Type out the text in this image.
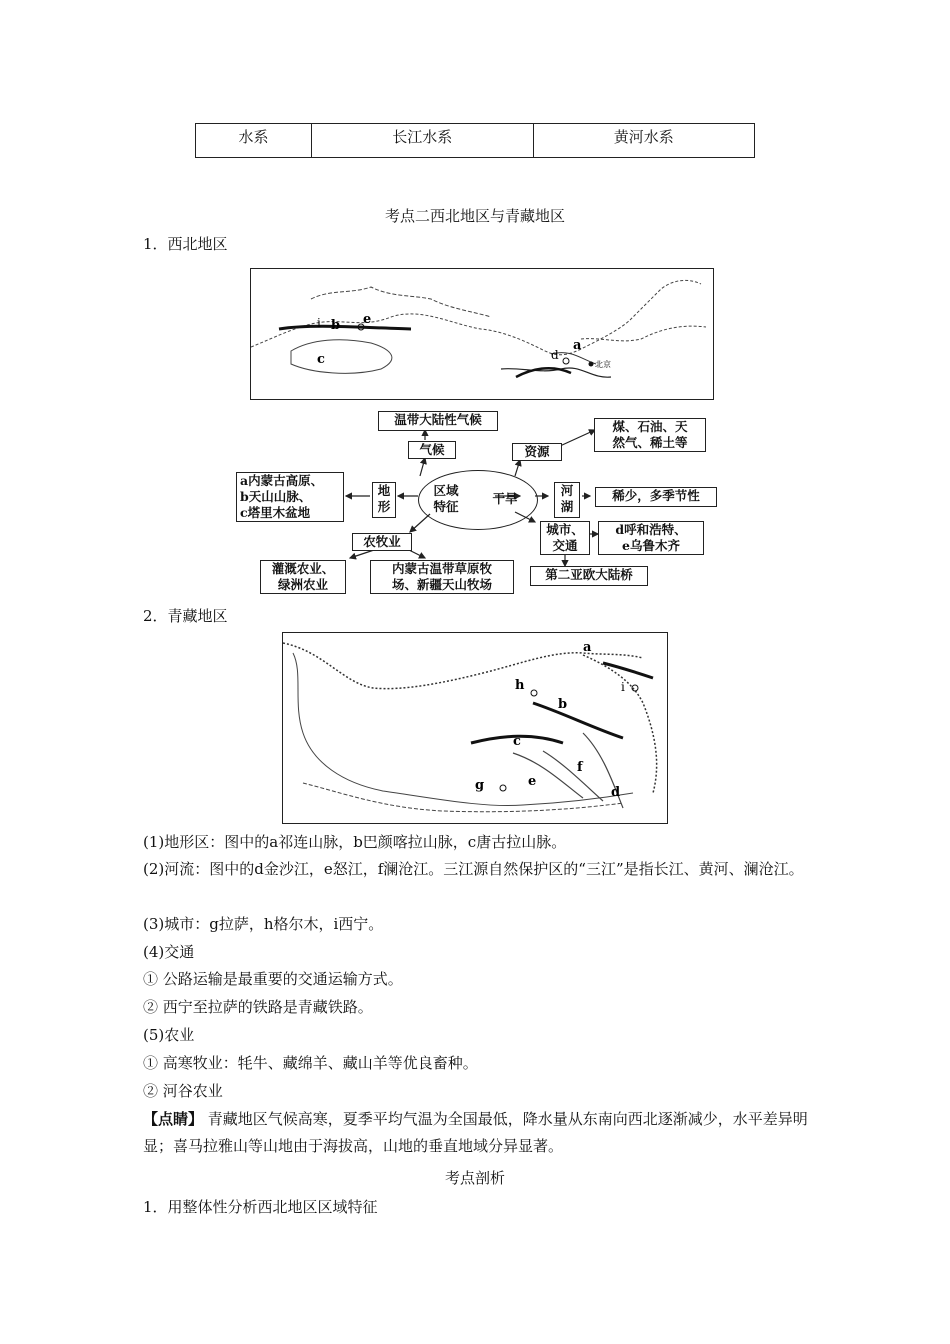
水系	长江水系	黄河水系
考点二西北地区与青藏地区
1．西北地区
i b e
c
a
d
北京
温带大陆性气候
气候	资源
煤、石油、天
然气、稀土等
区域
特征
干旱
a内蒙古高原、
b天山山脉、
c塔里木盆地
地
形
河
湖
稀少，多季节性
城市、
交通
d呼和浩特、
e乌鲁木齐
第二亚欧大陆桥
农牧业
灌溉农业、
绿洲农业
内蒙古温带草原牧
场、新疆天山牧场
2．青藏地区
a
b
c
d
e
f
g
h	i
(1)地形区：图中的a祁连山脉，b巴颜喀拉山脉，c唐古拉山脉。
(2)河流：图中的d金沙江，e怒江，f澜沧江。三江源自然保护区的“三江”是指长江、黄河、澜沧江。
(3)城市：g拉萨，h格尔木，i西宁。
(4)交通
① 公路运输是最重要的交通运输方式。
② 西宁至拉萨的铁路是青藏铁路。
(5)农业
① 高寒牧业：牦牛、藏绵羊、藏山羊等优良畜种。
② 河谷农业
【点睛】 青藏地区气候高寒，夏季平均气温为全国最低，降水量从东南向西北逐渐减少，水平差异明显；喜马拉雅山等山地由于海拔高，山地的垂直地域分异显著。
考点剖析
1．用整体性分析西北地区区域特征
